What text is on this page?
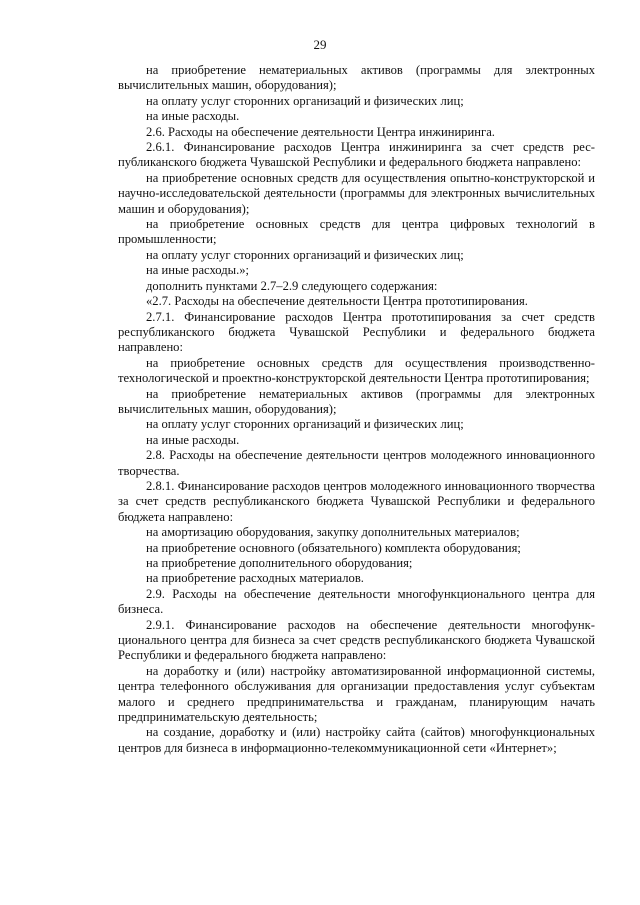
29

на приобретение нематериальных активов (программы для электронных вычислительных машин, оборудования);

на оплату услуг сторонних организаций и физических лиц;

на иные расходы.

2.6. Расходы на обеспечение деятельности Центра инжиниринга.

2.6.1. Финансирование расходов Центра инжиниринга за счет средств республиканского бюджета Чувашской Республики и федерального бюджета направлено:

на приобретение основных средств для осуществления опытно-конструкторской и научно-исследовательской деятельности (программы для электронных вычислительных машин и оборудования);

на приобретение основных средств для центра цифровых технологий в промышленности;

на оплату услуг сторонних организаций и физических лиц;

на иные расходы.»;

дополнить пунктами 2.7–2.9 следующего содержания:

«2.7. Расходы на обеспечение деятельности Центра прототипирования.

2.7.1. Финансирование расходов Центра прототипирования за счет средств республиканского бюджета Чувашской Республики и федерального бюджета направлено:

на приобретение основных средств для осуществления производственно-технологической и проектно-конструкторской деятельности Центра прототипирования;

на приобретение нематериальных активов (программы для электронных вычислительных машин, оборудования);

на оплату услуг сторонних организаций и физических лиц;

на иные расходы.

2.8. Расходы на обеспечение деятельности центров молодежного инновационного творчества.

2.8.1. Финансирование расходов центров молодежного инновационного творчества за счет средств республиканского бюджета Чувашской Республики и федерального бюджета направлено:

на амортизацию оборудования, закупку дополнительных материалов;

на приобретение основного (обязательного) комплекта оборудования;

на приобретение дополнительного оборудования;

на приобретение расходных материалов.

2.9. Расходы на обеспечение деятельности многофункционального центра для бизнеса.

2.9.1. Финансирование расходов на обеспечение деятельности многофункционального центра для бизнеса за счет средств республиканского бюджета Чувашской Республики и федерального бюджета направлено:

на доработку и (или) настройку автоматизированной информационной системы, центра телефонного обслуживания для организации предоставления услуг субъектам малого и среднего предпринимательства и гражданам, планирующим начать предпринимательскую деятельность;

на создание, доработку и (или) настройку сайта (сайтов) многофункциональных центров для бизнеса в информационно-телекоммуникационной сети «Интернет»;
